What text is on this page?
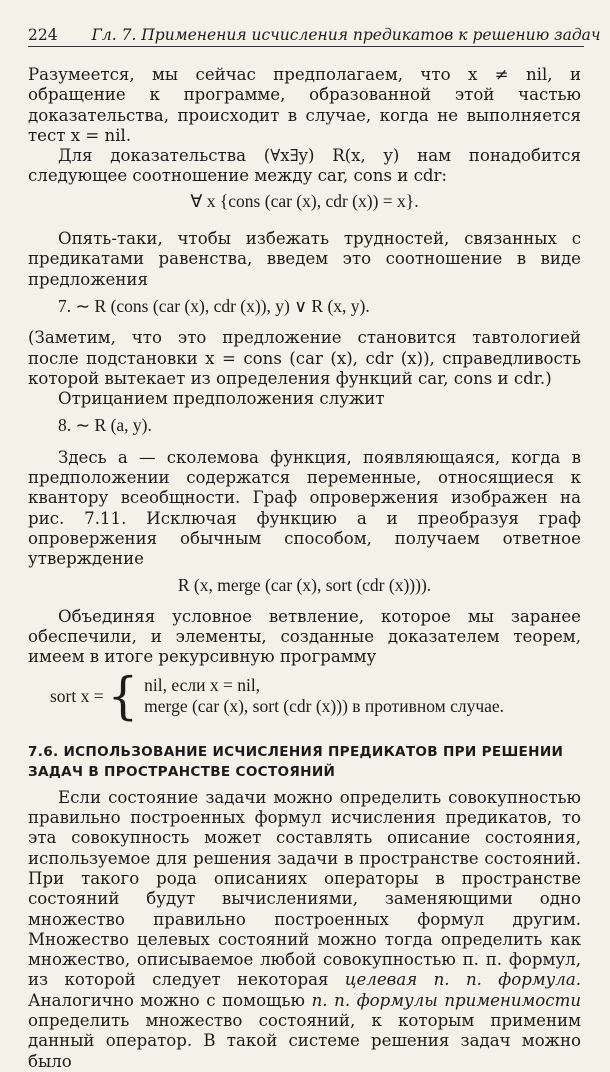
224 Гл. 7. Применения исчисления предикатов к решению задач

Разумеется, мы сейчас предполагаем, что x ≠ nil, и обращение к программе, образованной этой частью доказательства, происходит в случае, когда не выполняется тест x = nil.

Для доказательства (∀x∃y) R(x, y) нам понадобится следующее соотношение между car, cons и cdr:

∀ x {cons (car (x), cdr (x)) = x}.

Опять-таки, чтобы избежать трудностей, связанных с предикатами равенства, введем это соотношение в виде предложения

7. ∼ R (cons (car (x), cdr (x)), y) ∨ R (x, y).

(Заметим, что это предложение становится тавтологией после подстановки x = cons (car (x), cdr (x)), справедливость которой вытекает из определения функций car, cons и cdr.)

Отрицанием предположения служит

8. ∼ R (a, y).

Здесь a — сколемова функция, появляющаяся, когда в предположении содержатся переменные, относящиеся к квантору всеобщности. Граф опровержения изображен на рис. 7.11. Исключая функцию a и преобразуя граф опровержения обычным способом, получаем ответное утверждение

R (x, merge (car (x), sort (cdr (x)))).

Объединяя условное ветвление, которое мы заранее обеспечили, и элементы, созданные доказателем теорем, имеем в итоге рекурсивную программу

sort x = { nil, если x = nil,
merge (car (x), sort (cdr (x))) в противном случае.

7.6. ИСПОЛЬЗОВАНИЕ ИСЧИСЛЕНИЯ ПРЕДИКАТОВ ПРИ РЕШЕНИИ ЗАДАЧ В ПРОСТРАНСТВЕ СОСТОЯНИЙ

Если состояние задачи можно определить совокупностью правильно построенных формул исчисления предикатов, то эта совокупность может составлять описание состояния, используемое для решения задачи в пространстве состояний. При такого рода описаниях операторы в пространстве состояний будут вычислениями, заменяющими одно множество правильно построенных формул другим. Множество целевых состояний можно тогда определить как множество, описываемое любой совокупностью п. п. формул, из которой следует некоторая целевая п. п. формула. Аналогично можно с помощью п. п. формулы применимости определить множество состояний, к которым применим данный оператор. В такой системе решения задач можно было
